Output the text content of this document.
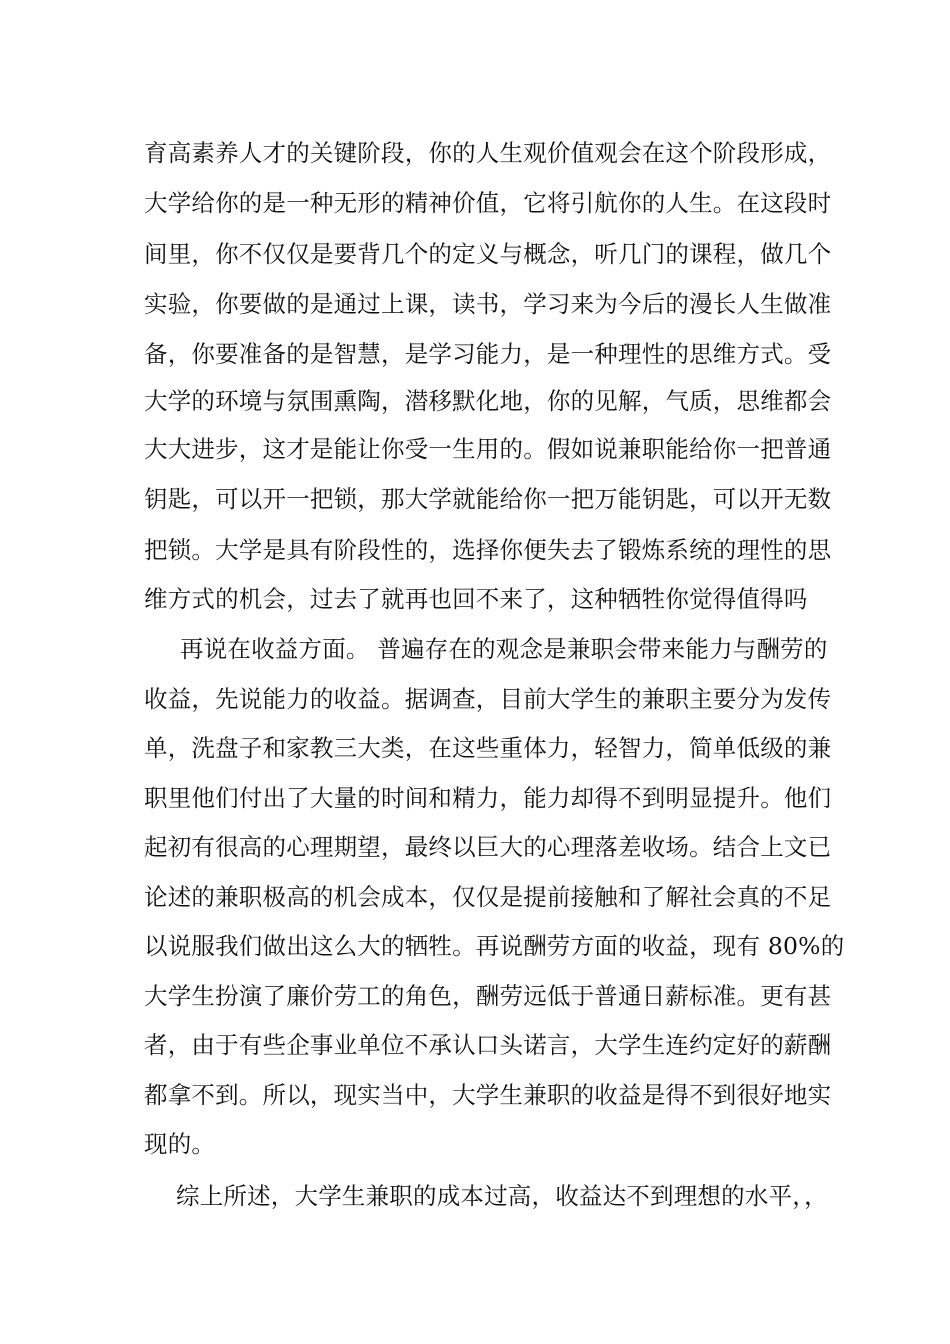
育高素养人才的关键阶段，你的人生观价值观会在这个阶段形成，
大学给你的是一种无形的精神价值，它将引航你的人生。在这段时
间里，你不仅仅是要背几个的定义与概念，听几门的课程，做几个
实验，你要做的是通过上课，读书，学习来为今后的漫长人生做准
备，你要准备的是智慧，是学习能力，是一种理性的思维方式。受
大学的环境与氛围熏陶，潜移默化地，你的见解，气质，思维都会
大大进步，这才是能让你受一生用的。假如说兼职能给你一把普通
钥匙，可以开一把锁，那大学就能给你一把万能钥匙，可以开无数
把锁。大学是具有阶段性的，选择你便失去了锻炼系统的理性的思
维方式的机会，过去了就再也回不来了，这种牺牲你觉得值得吗
再说在收益方面。 普遍存在的观念是兼职会带来能力与酬劳的
收益，先说能力的收益。据调查，目前大学生的兼职主要分为发传
单，洗盘子和家教三大类，在这些重体力，轻智力，简单低级的兼
职里他们付出了大量的时间和精力，能力却得不到明显提升。他们
起初有很高的心理期望，最终以巨大的心理落差收场。结合上文已
论述的兼职极高的机会成本，仅仅是提前接触和了解社会真的不足
以说服我们做出这么大的牺牲。再说酬劳方面的收益，现有 80%的
大学生扮演了廉价劳工的角色，酬劳远低于普通日薪标准。更有甚
者，由于有些企事业单位不承认口头诺言，大学生连约定好的薪酬
都拿不到。所以，现实当中，大学生兼职的收益是得不到很好地实
现的。
综上所述，大学生兼职的成本过高，收益达不到理想的水平，，
